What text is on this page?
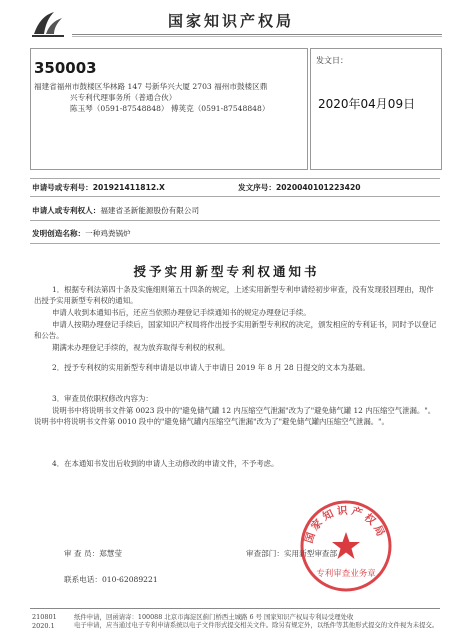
国家知识产权局
350003
福建省福州市鼓楼区华林路 147 号新华兴大厦 2703 福州市鼓楼区鼎
兴专利代理事务所（普通合伙）
陈玉琴（0591-87548848） 傅荚克（0591-87548848）
发文日：
2020年04月09日
申请号或专利号：201921411812.X	发文序号：2020040101223420
申请人或专利权人：福建省圣新能源股份有限公司
发明创造名称：一种鸡粪锅炉
授予实用新型专利权通知书
1．根据专利法第四十条及实施细则第五十四条的规定，上述实用新型专利申请经初步审查，没有发现驳回理由，现作出授予实用新型专利权的通知。
申请人收到本通知书后，还应当依照办理登记手续通知书的规定办理登记手续。
申请人按期办理登记手续后，国家知识产权局将作出授予实用新型专利权的决定，颁发相应的专利证书，同时予以登记和公告。
期满未办理登记手续的，视为放弃取得专利权的权利。
2．授予专利权的实用新型专利申请是以申请人于申请日 2019 年 8 月 28 日提交的文本为基础。
3．审查员依职权修改内容为：
说明书中将说明书文件第 0023 段中的"避免储气罐 12 内压缩空气泄漏"改为了"避免储气罐 12 内压缩空气泄漏。"。说明书中将说明书文件第 0010 段中的"避免储气罐内压缩空气泄漏"改为了"避免储气罐内压缩空气泄漏。"。
4．在本通知书发出后收到的申请人主动修改的申请文件，不予考虑。
审 查 员：郑慧莹	审查部门：实用新型审查部
联系电话：010-62089221
国家知识产权局
专利审查业务章
210801
2020.1
纸件申请，回函请寄：100088 北京市海淀区蓟门桥西土城路 6 号 国家知识产权局专利局受理处收
电子申请，应当通过电子专利申请系统以电子文件形式提交相关文件。除另有规定外，以纸件等其他形式提交的文件视为未提交。
